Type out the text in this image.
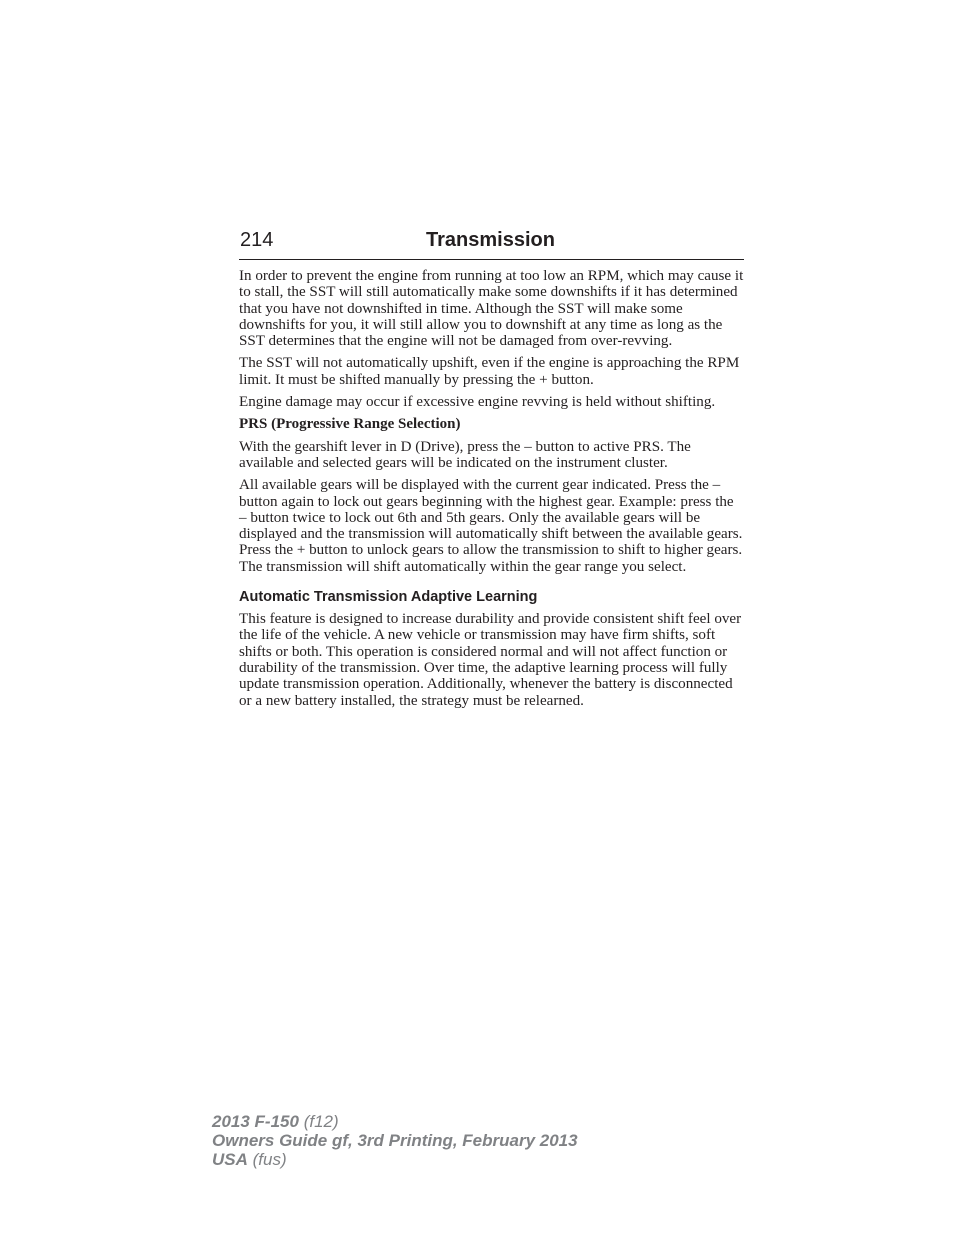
214	Transmission

In order to prevent the engine from running at too low an RPM, which may cause it to stall, the SST will still automatically make some downshifts if it has determined that you have not downshifted in time. Although the SST will make some downshifts for you, it will still allow you to downshift at any time as long as the SST determines that the engine will not be damaged from over-revving.

The SST will not automatically upshift, even if the engine is approaching the RPM limit. It must be shifted manually by pressing the + button.

Engine damage may occur if excessive engine revving is held without shifting.

PRS (Progressive Range Selection)

With the gearshift lever in D (Drive), press the – button to active PRS. The available and selected gears will be indicated on the instrument cluster.

All available gears will be displayed with the current gear indicated. Press the – button again to lock out gears beginning with the highest gear. Example: press the – button twice to lock out 6th and 5th gears. Only the available gears will be displayed and the transmission will automatically shift between the available gears. Press the + button to unlock gears to allow the transmission to shift to higher gears. The transmission will shift automatically within the gear range you select.

Automatic Transmission Adaptive Learning

This feature is designed to increase durability and provide consistent shift feel over the life of the vehicle. A new vehicle or transmission may have firm shifts, soft shifts or both. This operation is considered normal and will not affect function or durability of the transmission. Over time, the adaptive learning process will fully update transmission operation. Additionally, whenever the battery is disconnected or a new battery installed, the strategy must be relearned.

2013 F-150 (f12)
Owners Guide gf, 3rd Printing, February 2013
USA (fus)
